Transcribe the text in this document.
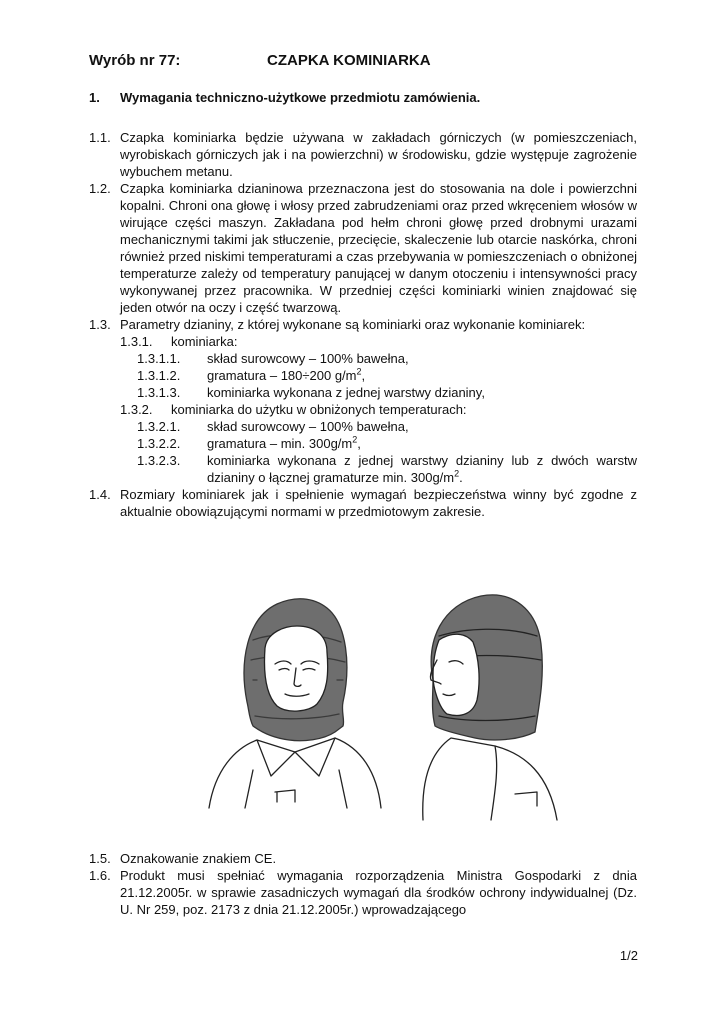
Wyrób nr 77:	CZAPKA KOMINIARKA
1. Wymagania techniczno-użytkowe przedmiotu zamówienia.
1.1. Czapka kominiarka będzie używana w zakładach górniczych (w pomieszczeniach, wyrobiskach górniczych jak i na powierzchni) w środowisku, gdzie występuje zagrożenie wybuchem metanu.
1.2. Czapka kominiarka dzianinowa przeznaczona jest do stosowania na dole i powierzchni kopalni. Chroni ona głowę i włosy przed zabrudzeniami oraz przed wkręceniem włosów w wirujące części maszyn. Zakładana pod hełm chroni głowę przed drobnymi urazami mechanicznymi takimi jak stłuczenie, przecięcie, skaleczenie lub otarcie naskórka, chroni również przed niskimi temperaturami a czas przebywania w pomieszczeniach o obniżonej temperaturze zależy od temperatury panującej w danym otoczeniu i intensywności pracy wykonywanej przez pracownika. W przedniej części kominiarki winien znajdować się jeden otwór na oczy i część twarzową.
1.3. Parametry dzianiny, z której wykonane są kominiarki oraz wykonanie kominiarek:
1.3.1.	kominiarka:
1.3.1.1.	skład surowcowy – 100% bawełna,
1.3.1.2.	gramatura – 180÷200 $g/m^2$,
1.3.1.3.	kominiarka wykonana z jednej warstwy dzianiny,
1.3.2.	kominiarka do użytku w obniżonych temperaturach:
1.3.2.1.	skład surowcowy – 100% bawełna,
1.3.2.2.	gramatura – min. $300g/m^2$,
1.3.2.3.	kominiarka wykonana z jednej warstwy dzianiny lub z dwóch warstw dzianiny o łącznej gramaturze min. $300g/m^2$.
1.4. Rozmiary kominiarek jak i spełnienie wymagań bezpieczeństwa winny być zgodne z aktualnie obowiązującymi normami w przedmiotowym zakresie.
1.5. Oznakowanie znakiem CE.
1.6. Produkt musi spełniać wymagania rozporządzenia Ministra Gospodarki z dnia 21.12.2005r. w sprawie zasadniczych wymagań dla środków ochrony indywidualnej (Dz. U. Nr 259, poz. 2173 z dnia 21.12.2005r.) wprowadzającego
1/2
